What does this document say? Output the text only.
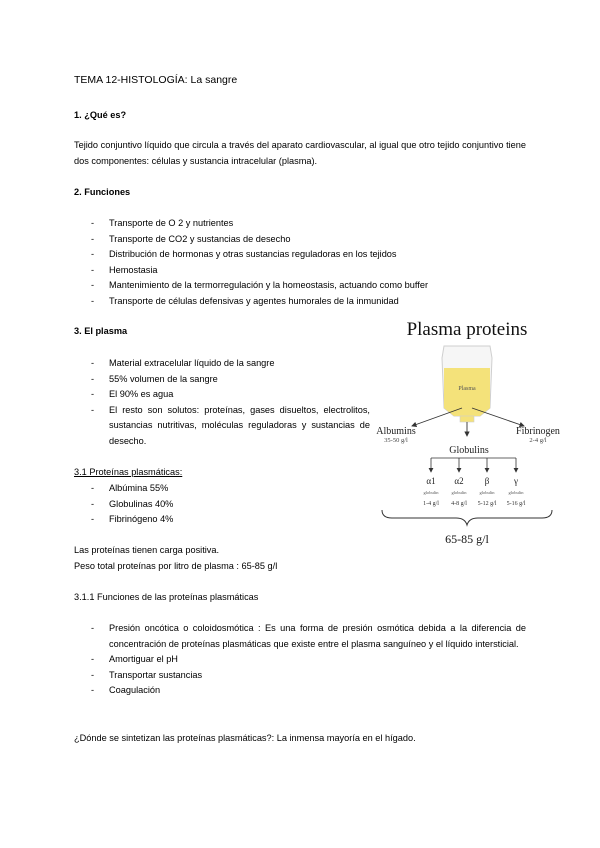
TEMA 12-HISTOLOGÍA: La sangre
1. ¿Qué es?
Tejido conjuntivo líquido que circula a través del aparato cardiovascular, al igual que otro tejido conjuntivo tiene dos componentes: células y sustancia intracelular (plasma).
2. Funciones
- Transporte de O 2 y nutrientes
- Transporte de CO2 y sustancias de desecho
- Distribución de hormonas y otras sustancias reguladoras en los tejidos
- Hemostasia
- Mantenimiento de la termorregulación y la homeostasis, actuando como buffer
- Transporte de células defensivas y agentes humorales de la inmunidad
3. El plasma
- Material extracelular líquido de la sangre
- 55% volumen de la sangre
- El 90% es agua
- El resto son solutos: proteínas, gases disueltos, electrolitos, sustancias nutritivas, moléculas reguladoras y sustancias de desecho.
3.1 Proteínas plasmáticas:
- Albúmina 55%
- Globulinas 40%
- Fibrinógeno 4%
Las proteínas tienen carga positiva.
Peso total proteínas por litro de plasma : 65-85 g/l
3.1.1 Funciones de las proteínas plasmáticas
- Presión oncótica o coloidosmótica : Es una forma de presión osmótica debida a la diferencia de concentración de proteínas plasmáticas que existe entre el plasma sanguíneo y el líquido intersticial.
- Amortiguar el pH
- Transportar sustancias
- Coagulación
¿Dónde se sintetizan las proteínas plasmáticas?: La inmensa mayoría en el hígado.
Plasma proteins
Plasma
Albumins
35-50 g/l
Fibrinogen
2-4 g/l
Globulins
α1 α2 β	γ
globulin	globulin	globulin	globulin
1-4 g/l 4-8 g/l 5-12 g/l 5-16 g/l
65-85 g/l
